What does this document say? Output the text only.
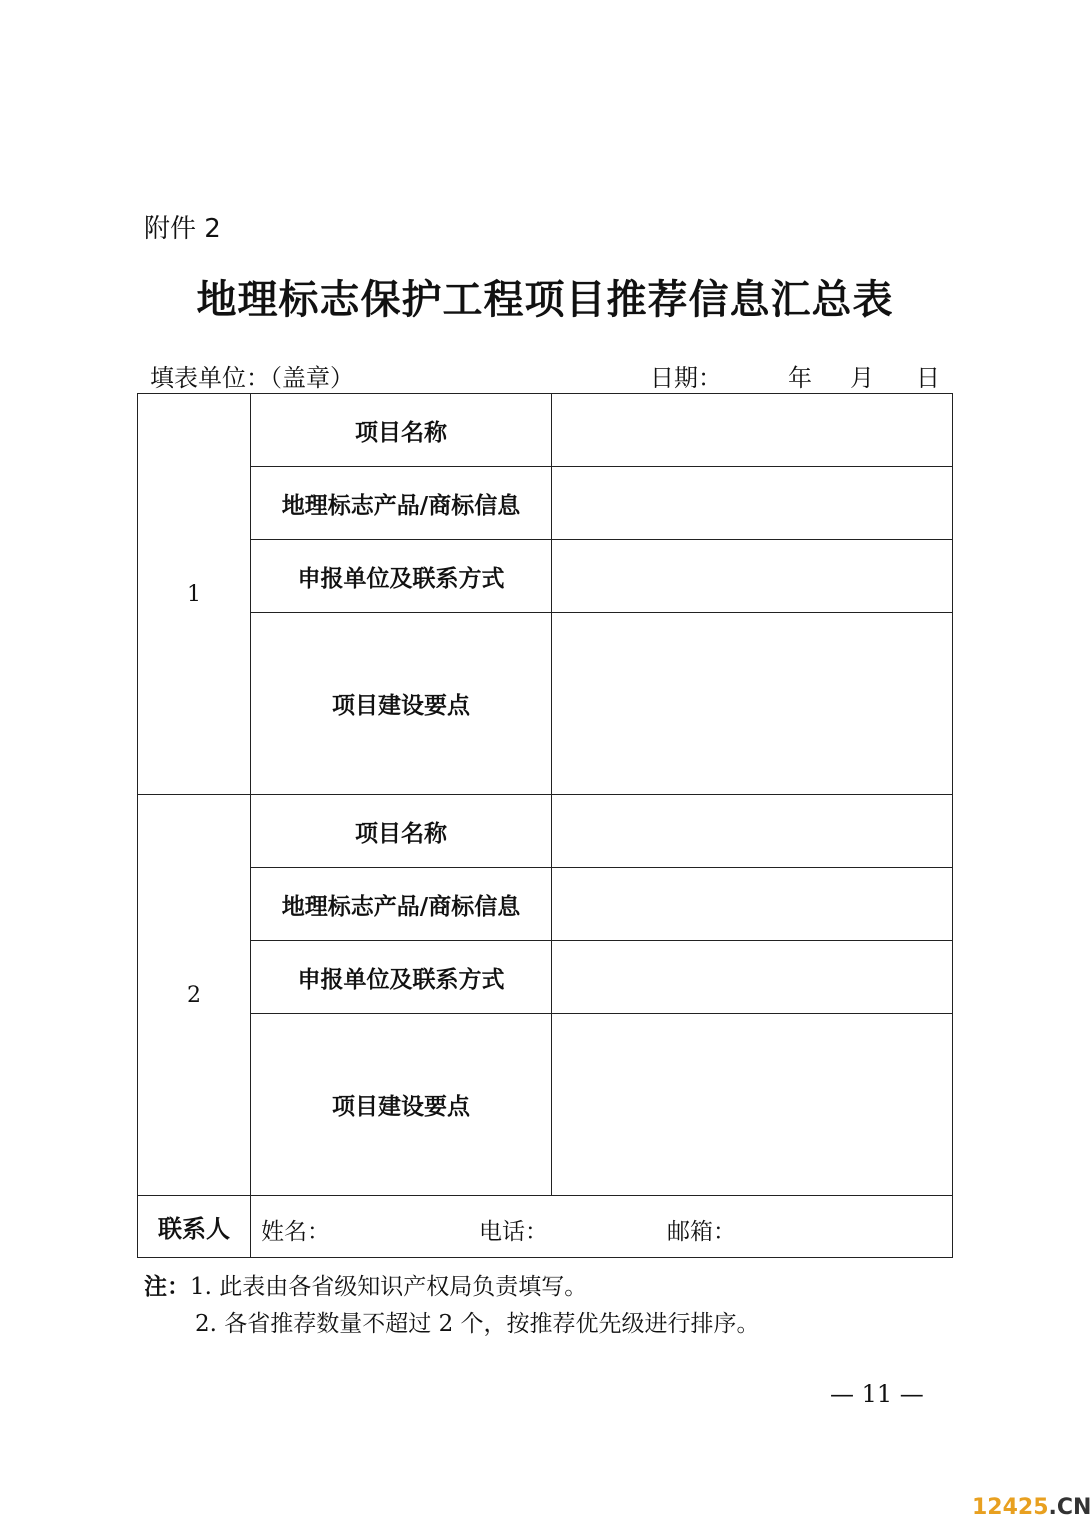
附件 2
地理标志保护工程项目推荐信息汇总表
填表单位：（盖章）	日期：	年 月 日
1	项目名称	
	地理标志产品/商标信息	
	申报单位及联系方式	
	项目建设要点	
2	项目名称	
	地理标志产品/商标信息	
	申报单位及联系方式	
	项目建设要点	
联系人	姓名： 电话： 邮箱：	
注：1. 此表由各省级知识产权局负责填写。
2. 各省推荐数量不超过 2 个，按推荐优先级进行排序。
— 11 —
12425.CN
